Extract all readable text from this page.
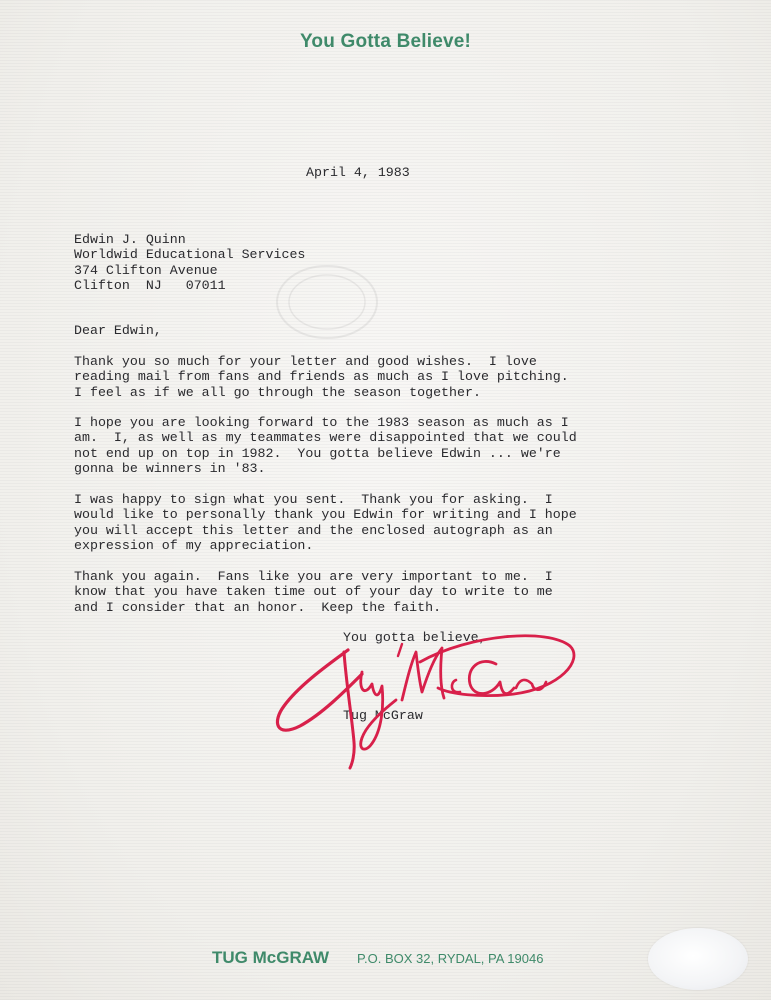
You Gotta Believe!
April 4, 1983
Edwin J. Quinn
Worldwid Educational Services
374 Clifton Avenue
Clifton  NJ   07011
Dear Edwin,
Thank you so much for your letter and good wishes.  I love
reading mail from fans and friends as much as I love pitching.
I feel as if we all go through the season together.
I hope you are looking forward to the 1983 season as much as I
am.  I, as well as my teammates were disappointed that we could
not end up on top in 1982.  You gotta believe Edwin ... we're
gonna be winners in '83.
I was happy to sign what you sent.  Thank you for asking.  I
would like to personally thank you Edwin for writing and I hope
you will accept this letter and the enclosed autograph as an
expression of my appreciation.
Thank you again.  Fans like you are very important to me.  I
know that you have taken time out of your day to write to me
and I consider that an honor.  Keep the faith.
You gotta believe,
Tug McGraw
TUG McGRAW P.O. BOX 32, RYDAL, PA 19046
